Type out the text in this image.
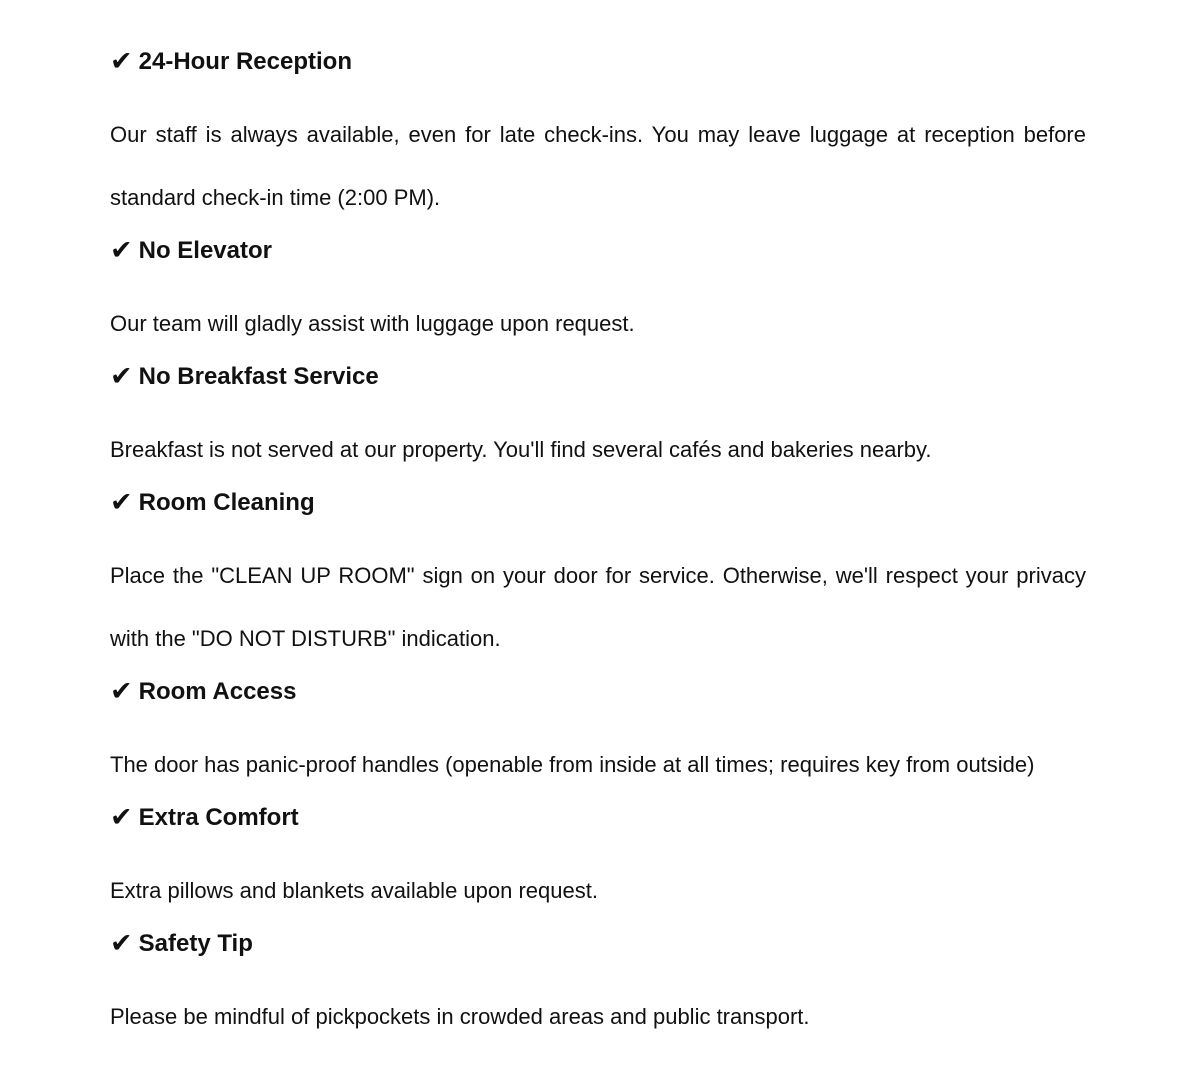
✔ 24-Hour Reception

Our staff is always available, even for late check-ins. You may leave luggage at reception before standard check-in time (2:00 PM).

✔ No Elevator

Our team will gladly assist with luggage upon request.

✔ No Breakfast Service

Breakfast is not served at our property. You'll find several cafés and bakeries nearby.

✔ Room Cleaning

Place the "CLEAN UP ROOM" sign on your door for service. Otherwise, we'll respect your privacy with the "DO NOT DISTURB" indication.

✔ Room Access

The door has panic-proof handles (openable from inside at all times; requires key from outside)

✔ Extra Comfort

Extra pillows and blankets available upon request.

✔ Safety Tip

Please be mindful of pickpockets in crowded areas and public transport.
